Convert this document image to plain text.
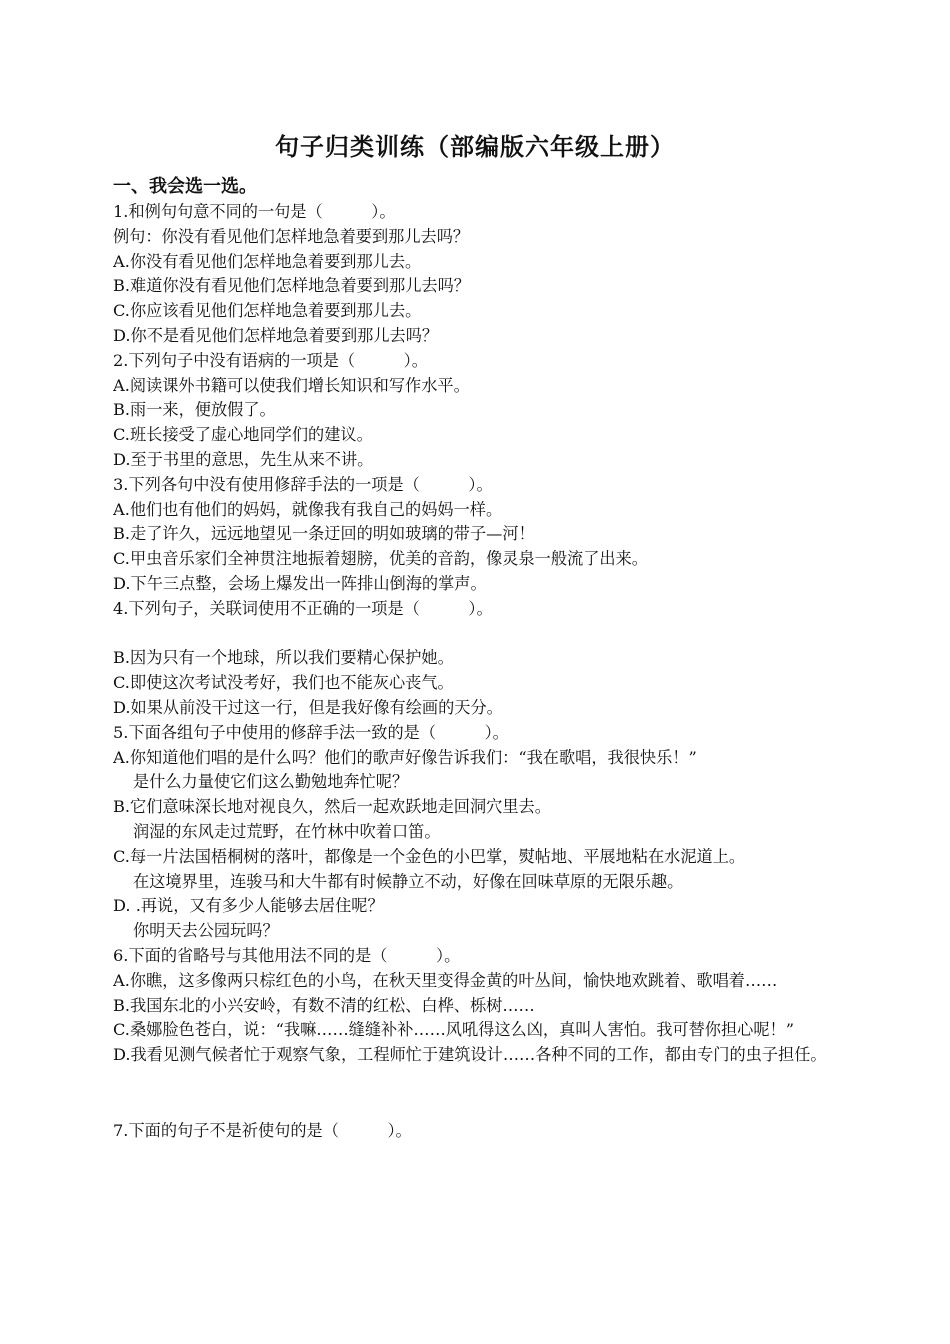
句子归类训练（部编版六年级上册）
一、我会选一选。
1.和例句句意不同的一句是（　　　）。
例句：你没有看见他们怎样地急着要到那儿去吗？
A.你没有看见他们怎样地急着要到那儿去。
B.难道你没有看见他们怎样地急着要到那儿去吗？
C.你应该看见他们怎样地急着要到那儿去。
D.你不是看见他们怎样地急着要到那儿去吗？
2.下列句子中没有语病的一项是（　　　）。
A.阅读课外书籍可以使我们增长知识和写作水平。
B.雨一来，便放假了。
C.班长接受了虚心地同学们的建议。
D.至于书里的意思，先生从来不讲。
3.下列各句中没有使用修辞手法的一项是（　　　）。
A.他们也有他们的妈妈，就像我有我自己的妈妈一样。
B.走了许久，远远地望见一条迂回的明如玻璃的带子—河！
C.甲虫音乐家们全神贯注地振着翅膀，优美的音韵，像灵泉一般流了出来。
D.下午三点整，会场上爆发出一阵排山倒海的掌声。
4.下列句子，关联词使用不正确的一项是（　　　）。
B.因为只有一个地球，所以我们要精心保护她。
C.即使这次考试没考好，我们也不能灰心丧气。
D.如果从前没干过这一行，但是我好像有绘画的天分。
5.下面各组句子中使用的修辞手法一致的是（　　　）。
A.你知道他们唱的是什么吗？他们的歌声好像告诉我们：“我在歌唱，我很快乐！”
是什么力量使它们这么勤勉地奔忙呢？
B.它们意味深长地对视良久，然后一起欢跃地走回洞穴里去。
润湿的东风走过荒野，在竹林中吹着口笛。
C.每一片法国梧桐树的落叶，都像是一个金色的小巴掌，熨帖地、平展地粘在水泥道上。
在这境界里，连骏马和大牛都有时候静立不动，好像在回味草原的无限乐趣。
D. .再说，又有多少人能够去居住呢？
你明天去公园玩吗？
6.下面的省略号与其他用法不同的是（　　　）。
A.你瞧，这多像两只棕红色的小鸟，在秋天里变得金黄的叶丛间，愉快地欢跳着、歌唱着……
B.我国东北的小兴安岭，有数不清的红松、白桦、栎树……
C.桑娜脸色苍白，说：“我嘛……缝缝补补……风吼得这么凶，真叫人害怕。我可替你担心呢！”
D.我看见测气候者忙于观察气象，工程师忙于建筑设计……各种不同的工作，都由专门的虫子担任。
7.下面的句子不是祈使句的是（　　　）。
